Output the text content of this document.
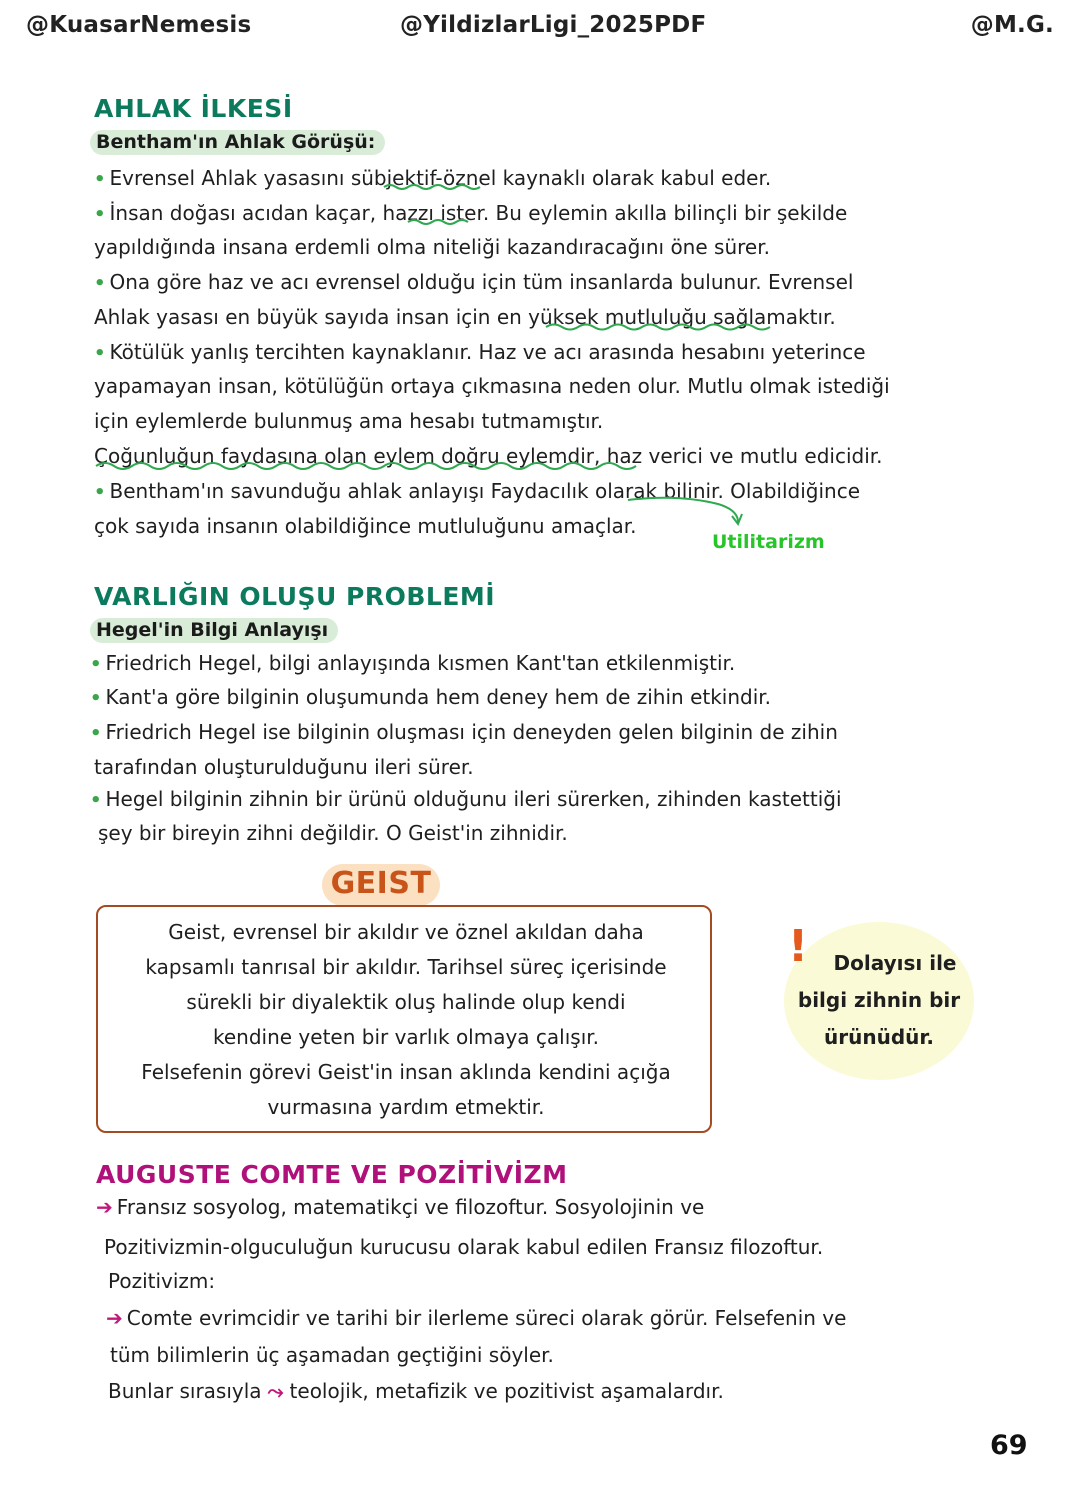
@KuasarNemesis	@YildizlarLigi_2025PDF	@M.G.
AHLAK İLKESİ
Bentham'ın Ahlak Görüşü:
• Evrensel Ahlak yasasını sübjektif-öznel kaynaklı olarak kabul eder.
• İnsan doğası acıdan kaçar, hazzı ister. Bu eylemin akılla bilinçli bir şekilde
yapıldığında insana erdemli olma niteliği kazandıracağını öne sürer.
• Ona göre haz ve acı evrensel olduğu için tüm insanlarda bulunur. Evrensel
Ahlak yasası en büyük sayıda insan için en yüksek mutluluğu sağlamaktır.
• Kötülük yanlış tercihten kaynaklanır. Haz ve acı arasında hesabını yeterince
yapamayan insan, kötülüğün ortaya çıkmasına neden olur. Mutlu olmak istediği
için eylemlerde bulunmuş ama hesabı tutmamıştır.
Çoğunluğun faydasına olan eylem doğru eylemdir, haz verici ve mutlu edicidir.
• Bentham'ın savunduğu ahlak anlayışı Faydacılık olarak bilinir. Olabildiğince
çok sayıda insanın olabildiğince mutluluğunu amaçlar.
Utilitarizm
VARLIĞIN OLUŞU PROBLEMİ
Hegel'in Bilgi Anlayışı
• Friedrich Hegel, bilgi anlayışında kısmen Kant'tan etkilenmiştir.
• Kant'a göre bilginin oluşumunda hem deney hem de zihin etkindir.
• Friedrich Hegel ise bilginin oluşması için deneyden gelen bilginin de zihin
tarafından oluşturulduğunu ileri sürer.
• Hegel bilginin zihnin bir ürünü olduğunu ileri sürerken, zihinden kastettiği
şey bir bireyin zihni değildir. O Geist'in zihnidir.
GEIST
Geist, evrensel bir akıldır ve öznel akıldan daha
kapsamlı tanrısal bir akıldır. Tarihsel süreç içerisinde
sürekli bir diyalektik oluş halinde olup kendi
kendine yeten bir varlık olmaya çalışır.
Felsefenin görevi Geist'in insan aklında kendini açığa
vurmasına yardım etmektir.
!	Dolayısı ile
bilgi zihnin bir
ürünüdür.
AUGUSTE COMTE VE POZİTİVİZM
➔ Fransız sosyolog, matematikçi ve filozoftur. Sosyolojinin ve
Pozitivizmin-olguculuğun kurucusu olarak kabul edilen Fransız filozoftur.
Pozitivizm:
➔ Comte evrimcidir ve tarihi bir ilerleme süreci olarak görür. Felsefenin ve
tüm bilimlerin üç aşamadan geçtiğini söyler.
Bunlar sırasıyla ⤳ teolojik, metafizik ve pozitivist aşamalardır.
69
